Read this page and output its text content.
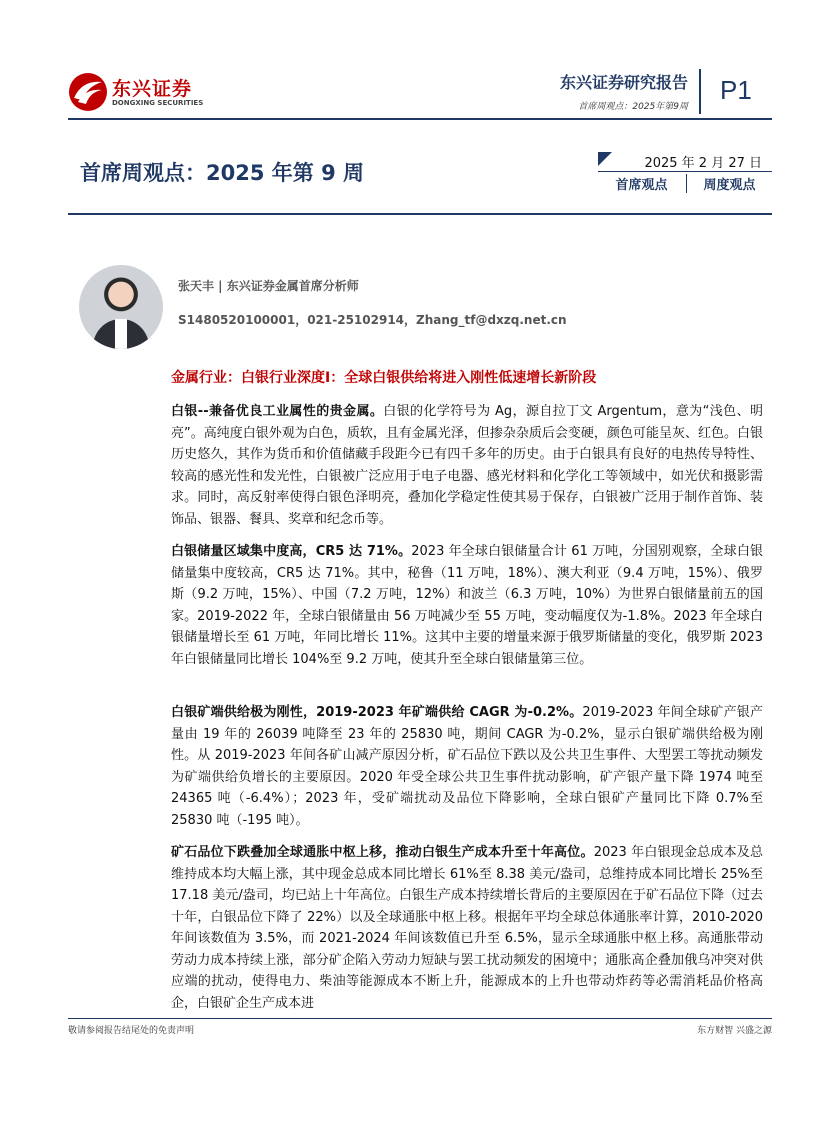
东兴证券
DONGXING SECURITIES
东兴证券研究报告
首席周观点：2025年第9周
P1
首席周观点：2025 年第 9 周	2025 年 2 月 27 日
首席观点	周度观点
张天丰 | 东兴证券金属首席分析师
S1480520100001，021-25102914，Zhang_tf@dxzq.net.cn
金属行业：白银行业深度Ⅰ：全球白银供给将进入刚性低速增长新阶段
白银--兼备优良工业属性的贵金属。白银的化学符号为 Ag，源自拉丁文 Argentum，意为“浅色、明亮”。高纯度白银外观为白色，质软，且有金属光泽，但掺杂杂质后会变硬，颜色可能呈灰、红色。白银历史悠久，其作为货币和价值储藏手段距今已有四千多年的历史。由于白银具有良好的电热传导特性、较高的感光性和发光性，白银被广泛应用于电子电器、感光材料和化学化工等领域中，如光伏和摄影需求。同时，高反射率使得白银色泽明亮，叠加化学稳定性使其易于保存，白银被广泛用于制作首饰、装饰品、银器、餐具、奖章和纪念币等。
白银储量区域集中度高，CR5 达 71%。2023 年全球白银储量合计 61 万吨，分国别观察，全球白银储量集中度较高，CR5 达 71%。其中，秘鲁（11 万吨，18%）、澳大利亚（9.4 万吨，15%）、俄罗斯（9.2 万吨，15%）、中国（7.2 万吨，12%）和波兰（6.3 万吨，10%）为世界白银储量前五的国家。2019-2022 年，全球白银储量由 56 万吨减少至 55 万吨，变动幅度仅为-1.8%。2023 年全球白银储量增长至 61 万吨，年同比增长 11%。这其中主要的增量来源于俄罗斯储量的变化，俄罗斯 2023 年白银储量同比增长 104%至 9.2 万吨，使其升至全球白银储量第三位。
白银矿端供给极为刚性，2019-2023 年矿端供给 CAGR 为-0.2%。2019-2023 年间全球矿产银产量由 19 年的 26039 吨降至 23 年的 25830 吨，期间 CAGR 为-0.2%，显示白银矿端供给极为刚性。从 2019-2023 年间各矿山减产原因分析，矿石品位下跌以及公共卫生事件、大型罢工等扰动频发为矿端供给负增长的主要原因。2020 年受全球公共卫生事件扰动影响，矿产银产量下降 1974 吨至 24365 吨（-6.4%）；2023 年，受矿端扰动及品位下降影响，全球白银矿产量同比下降 0.7%至 25830 吨（-195 吨）。
矿石品位下跌叠加全球通胀中枢上移，推动白银生产成本升至十年高位。2023 年白银现金总成本及总维持成本均大幅上涨，其中现金总成本同比增长 61%至 8.38 美元/盎司，总维持成本同比增长 25%至 17.18 美元/盎司，均已站上十年高位。白银生产成本持续增长背后的主要原因在于矿石品位下降（过去十年，白银品位下降了 22%）以及全球通胀中枢上移。根据年平均全球总体通胀率计算，2010-2020 年间该数值为 3.5%，而 2021-2024 年间该数值已升至 6.5%，显示全球通胀中枢上移。高通胀带动劳动力成本持续上涨，部分矿企陷入劳动力短缺与罢工扰动频发的困境中；通胀高企叠加俄乌冲突对供应端的扰动，使得电力、柴油等能源成本不断上升，能源成本的上升也带动炸药等必需消耗品价格高企，白银矿企生产成本进
敬请参阅报告结尾处的免责声明	东方财智 兴盛之源
